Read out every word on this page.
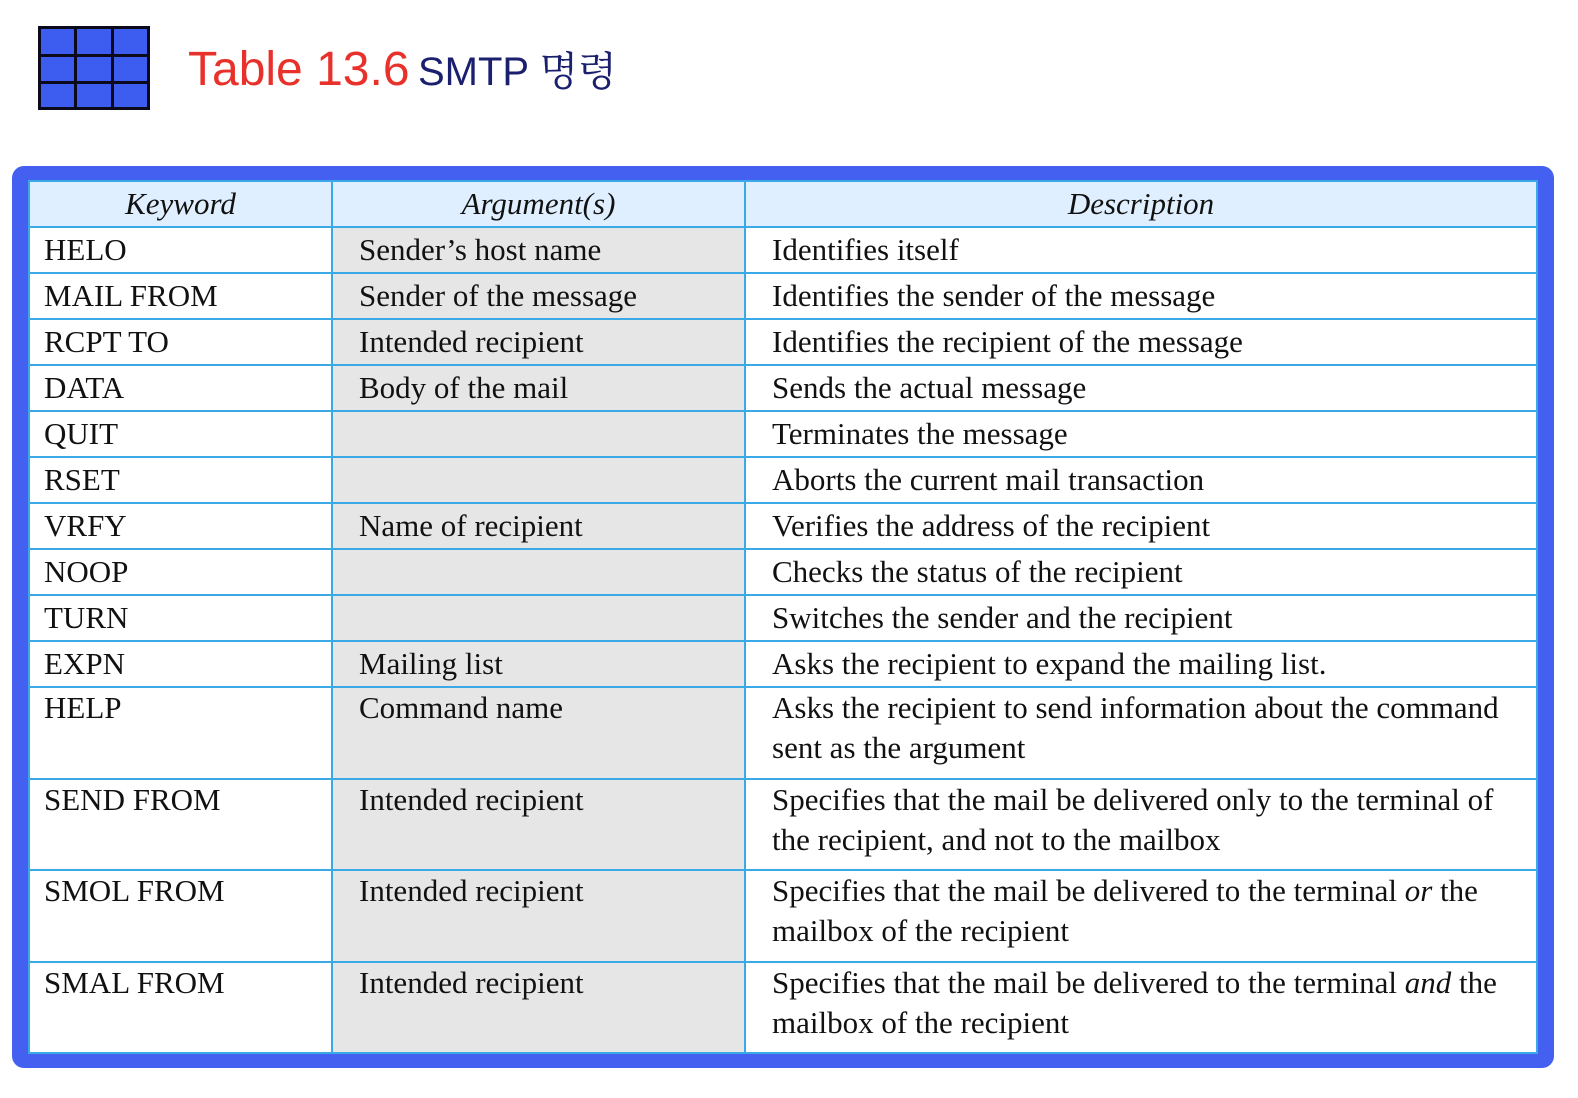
Table 13.6 SMTP 명령
Keyword	Argument(s)	Description
HELO	Sender’s host name	Identifies itself
MAIL FROM	Sender of the message	Identifies the sender of the message
RCPT TO	Intended recipient	Identifies the recipient of the message
DATA	Body of the mail	Sends the actual message
QUIT		Terminates the message
RSET		Aborts the current mail transaction
VRFY	Name of recipient	Verifies the address of the recipient
NOOP		Checks the status of the recipient
TURN		Switches the sender and the recipient
EXPN	Mailing list	Asks the recipient to expand the mailing list.
HELP	Command name	Asks the recipient to send information about the command sent as the argument
SEND FROM	Intended recipient	Specifies that the mail be delivered only to the terminal of the recipient, and not to the mailbox
SMOL FROM	Intended recipient	Specifies that the mail be delivered to the terminal or the mailbox of the recipient
SMAL FROM	Intended recipient	Specifies that the mail be delivered to the terminal and the mailbox of the recipient
